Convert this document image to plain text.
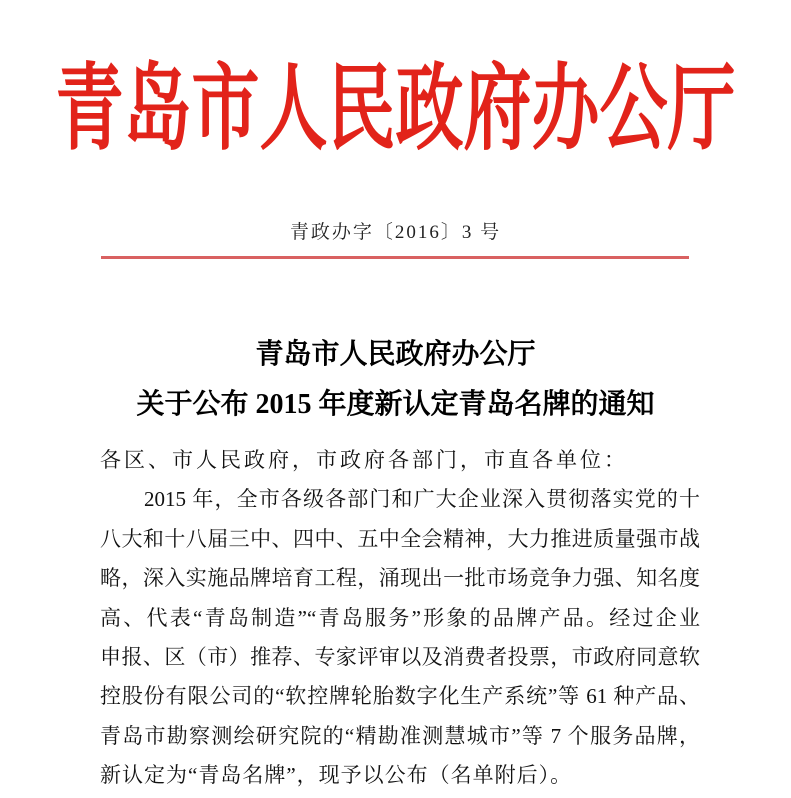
青岛市人民政府办公厅
青政办字〔2016〕3 号
青岛市人民政府办公厅
关于公布 2015 年度新认定青岛名牌的通知
各区、市人民政府，市政府各部门，市直各单位：
2015 年，全市各级各部门和广大企业深入贯彻落实党的十
八大和十八届三中、四中、五中全会精神，大力推进质量强市战
略，深入实施品牌培育工程，涌现出一批市场竞争力强、知名度
高、代表“青岛制造”“青岛服务”形象的品牌产品。经过企业
申报、区（市）推荐、专家评审以及消费者投票，市政府同意软
控股份有限公司的“软控牌轮胎数字化生产系统”等 61 种产品、
青岛市勘察测绘研究院的“精勘准测慧城市”等 7 个服务品牌，
新认定为“青岛名牌”，现予以公布（名单附后）。
